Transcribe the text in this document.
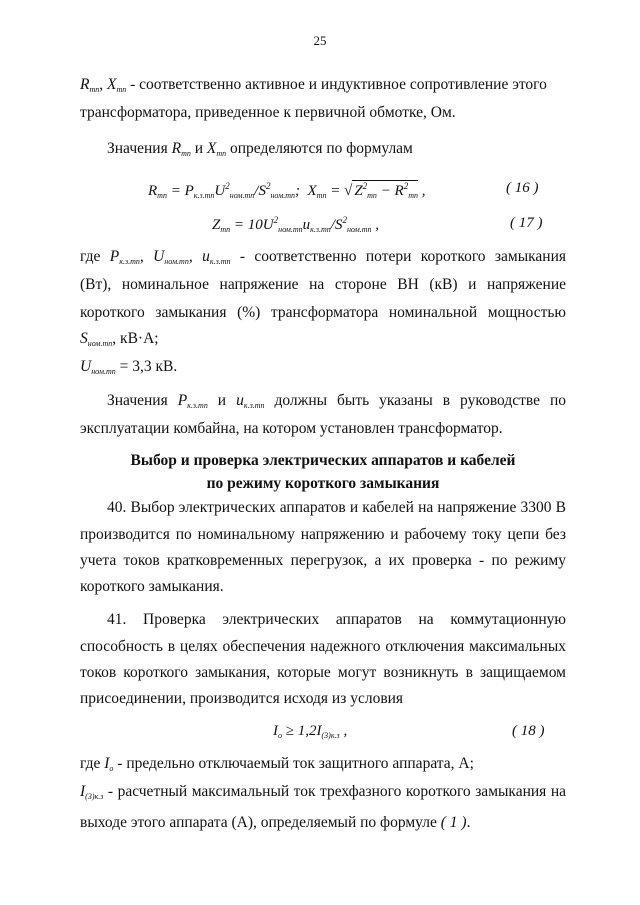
25
$R_{тп}$, $X_{тп}$ - соответственно активное и индуктивное сопротивление этого
трансформатора, приведенное к первичной обмотке, Ом.
Значения $R_{тп}$ и $X_{тп}$ определяются по формулам
$R_{тп} = P_{к.з.тп}U^2_{ном.тп}/S^2_{ном.тп}$;  $X_{тп}$ = √ $Z^2_{тп} - R^2_{тп}$ ,	( 16 )
$Z_{тп} = 10U^2_{ном.тп}u_{к.з.тп}/S^2_{ном.тп}$ ,	( 17 )
где $P_{к.з.тп}$, $U_{ном.тп}$, $u_{к.з.тп}$ - соответственно потери короткого замыкания
(Вт), номинальное напряжение на стороне ВН (кВ) и напряжение
короткого замыкания (%) трансформатора номинальной мощностью
$S_{ном.тп}$, кВ·А;
$U_{ном.тп} = 3,3$ кВ.
Значения $P_{к.з.тп}$ и $u_{к.з.тп}$ должны быть указаны в руководстве по
эксплуатации комбайна, на котором установлен трансформатор.
Выбор и проверка электрических аппаратов и кабелей
по режиму короткого замыкания
40. Выбор электрических аппаратов и кабелей на напряжение 3300 В
производится по номинальному напряжению и рабочему току цепи без
учета токов кратковременных перегрузок, а их проверка - по режиму
короткого замыкания.
41. Проверка электрических аппаратов на коммутационную
способность в целях обеспечения надежного отключения максимальных
токов короткого замыкания, которые могут возникнуть в защищаемом
присоединении, производится исходя из условия
$I_о \ge 1,2I_{(3)к.з}$ ,	( 18 )
где $I_о$ - предельно отключаемый ток защитного аппарата, А;
$I_{(3)к.з}$ - расчетный максимальный ток трехфазного короткого замыкания на
выходе этого аппарата (А), определяемый по формуле ( 1 ).
